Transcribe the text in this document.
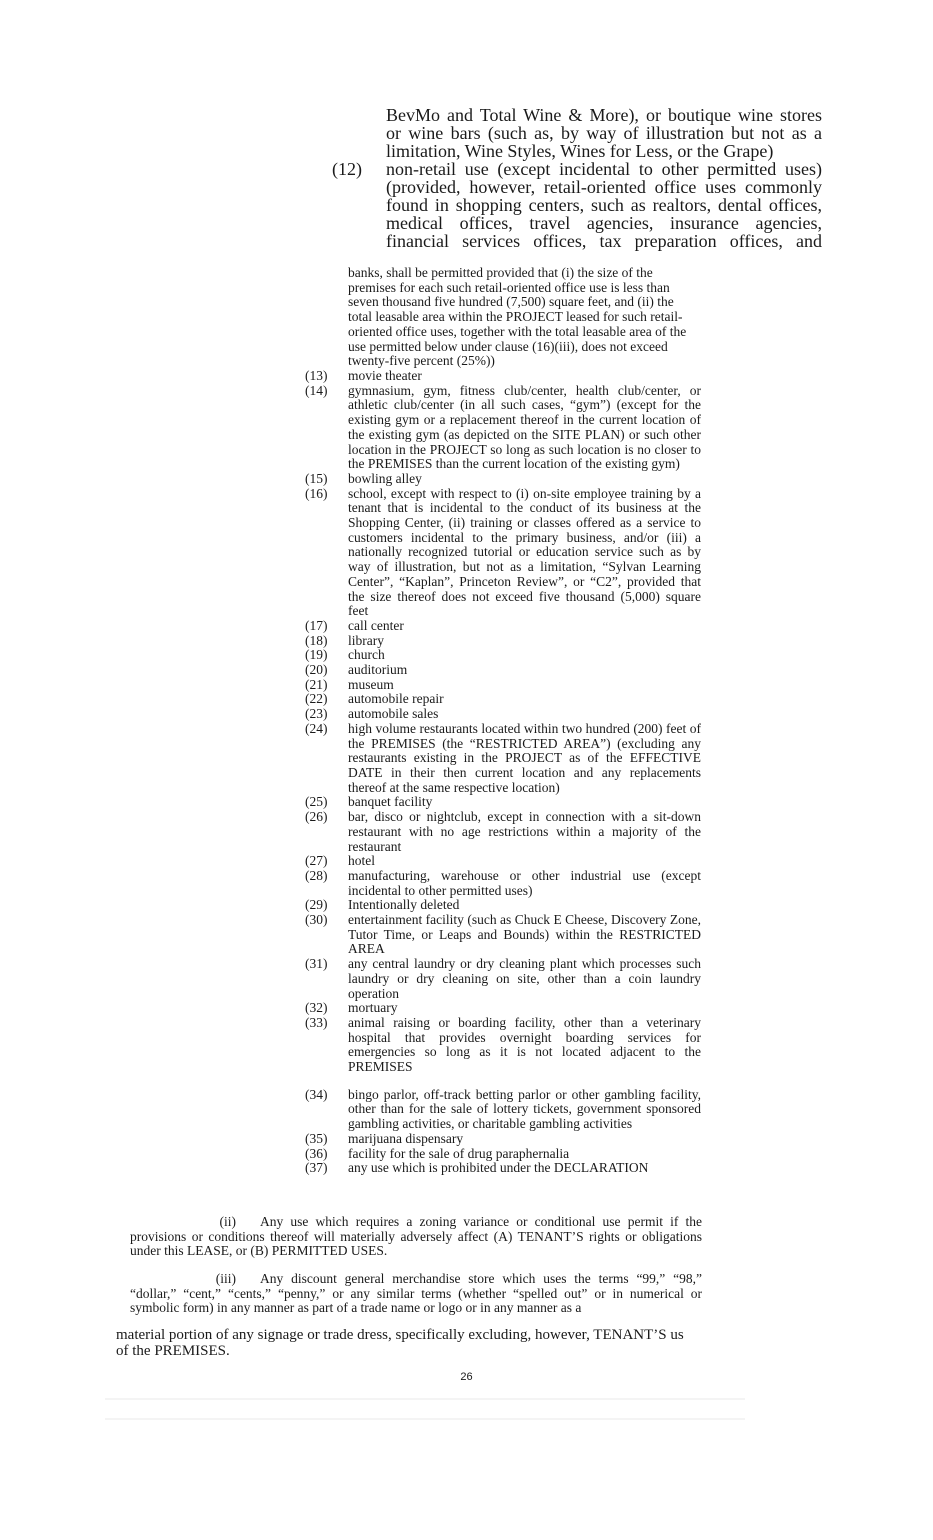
BevMo and Total Wine & More), or boutique wine stores
or wine bars (such as, by way of illustration but not as a
limitation, Wine Styles, Wines for Less, or the Grape)
(12)	non-retail use (except incidental to other permitted uses)
(provided, however, retail-oriented office uses commonly
found in shopping centers, such as realtors, dental offices,
medical offices, travel agencies, insurance agencies,
financial services offices, tax preparation offices, and
banks, shall be permitted provided that (i) the size of the premises for each such retail-oriented office use is less than seven thousand five hundred (7,500) square feet, and (ii) the total leasable area within the PROJECT leased for such retail-oriented office uses, together with the total leasable area of the use permitted below under clause (16)(iii), does not exceed twenty-five percent (25%))
(13)	movie theater
(14)	gymnasium, gym, fitness club/center, health club/center, or athletic club/center (in all such cases, “gym”) (except for the existing gym or a replacement thereof in the current location of the existing gym (as depicted on the SITE PLAN) or such other location in the PROJECT so long as such location is no closer to the PREMISES than the current location of the existing gym)
(15)	bowling alley
(16)	school, except with respect to (i) on-site employee training by a tenant that is incidental to the conduct of its business at the Shopping Center, (ii) training or classes offered as a service to customers incidental to the primary business, and/or (iii) a nationally recognized tutorial or education service such as by way of illustration, but not as a limitation, “Sylvan Learning Center”, “Kaplan”, Princeton Review”, or “C2”, provided that the size thereof does not exceed five thousand (5,000) square feet
(17)	call center
(18)	library
(19)	church
(20)	auditorium
(21)	museum
(22)	automobile repair
(23)	automobile sales
(24)	high volume restaurants located within two hundred (200) feet of the PREMISES (the “RESTRICTED AREA”) (excluding any restaurants existing in the PROJECT as of the EFFECTIVE DATE in their then current location and any replacements thereof at the same respective location)
(25)	banquet facility
(26)	bar, disco or nightclub, except in connection with a sit-down restaurant with no age restrictions within a majority of the restaurant
(27)	hotel
(28)	manufacturing, warehouse or other industrial use (except incidental to other permitted uses)
(29)	Intentionally deleted
(30)	entertainment facility (such as Chuck E Cheese, Discovery Zone, Tutor Time, or Leaps and Bounds) within the RESTRICTED AREA
(31)	any central laundry or dry cleaning plant which processes such laundry or dry cleaning on site, other than a coin laundry operation
(32)	mortuary
(33)	animal raising or boarding facility, other than a veterinary hospital that provides overnight boarding services for emergencies so long as it is not located adjacent to the PREMISES
(34)	bingo parlor, off-track betting parlor or other gambling facility, other than for the sale of lottery tickets, government sponsored gambling activities, or charitable gambling activities
(35)	marijuana dispensary
(36)	facility for the sale of drug paraphernalia
(37)	any use which is prohibited under the DECLARATION
(ii) Any use which requires a zoning variance or conditional use permit if the provisions or conditions thereof will materially adversely affect (A) TENANT’S rights or obligations under this LEASE, or (B) PERMITTED USES.
(iii) Any discount general merchandise store which uses the terms “99,” “98,” “dollar,” “cent,” “cents,” “penny,” or any similar terms (whether “spelled out” or in numerical or symbolic form) in any manner as part of a trade name or logo or in any manner as a
material portion of any signage or trade dress, specifically excluding, however, TENANT’S us
of the PREMISES.
26
